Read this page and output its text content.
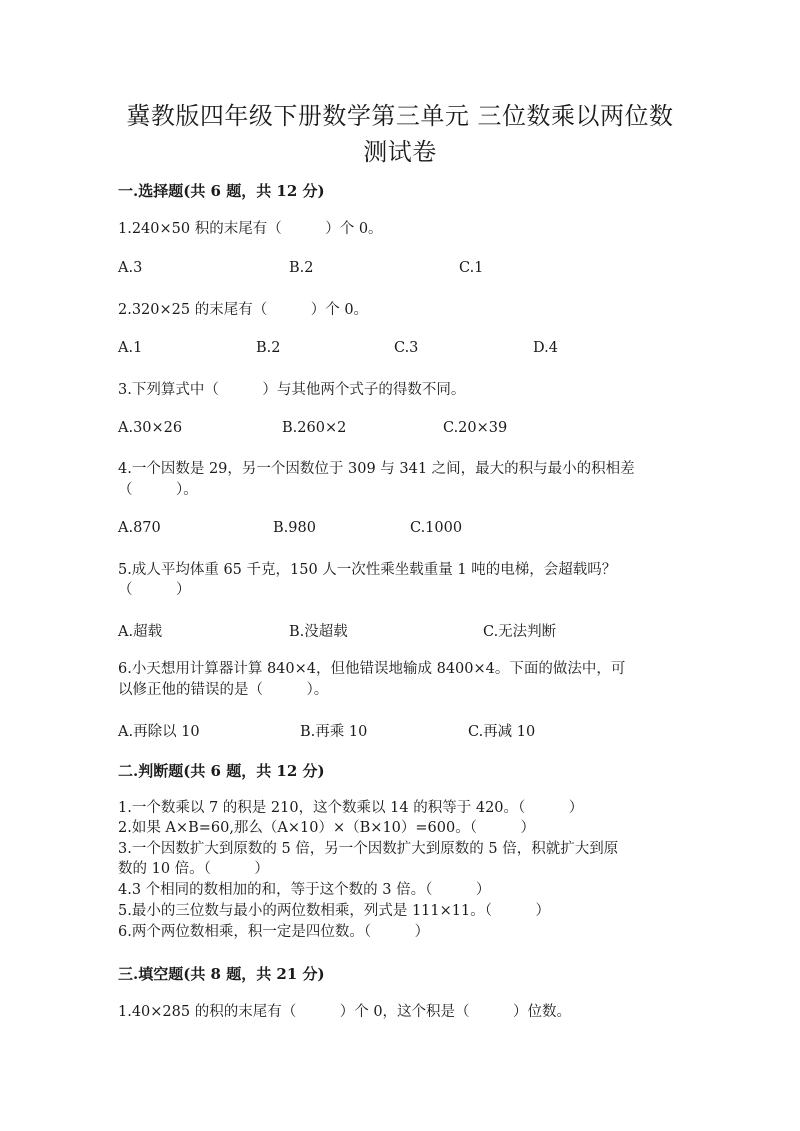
冀教版四年级下册数学第三单元 三位数乘以两位数
测试卷
一.选择题(共 6 题，共 12 分)
1.240×50 积的末尾有（　　　）个 0。
A.3	B.2	C.1
2.320×25 的末尾有（　　　）个 0。
A.1	B.2	C.3	D.4
3.下列算式中（　　　）与其他两个式子的得数不同。
A.30×26	B.260×2	C.20×39
4.一个因数是 29，另一个因数位于 309 与 341 之间，最大的积与最小的积相差
（　　　）。
A.870	B.980	C.1000
5.成人平均体重 65 千克，150 人一次性乘坐载重量 1 吨的电梯，会超载吗？
（　　　）
A.超载	B.没超载	C.无法判断
6.小天想用计算器计算 840×4，但他错误地输成 8400×4。下面的做法中，可
以修正他的错误的是（　　　）。
A.再除以 10	B.再乘 10	C.再减 10
二.判断题(共 6 题，共 12 分)
1.一个数乘以 7 的积是 210，这个数乘以 14 的积等于 420。（　　　）
2.如果 A×B=60,那么（A×10）×（B×10）=600。（　　　）
3.一个因数扩大到原数的 5 倍，另一个因数扩大到原数的 5 倍，积就扩大到原
数的 10 倍。（　　　）
4.3 个相同的数相加的和，等于这个数的 3 倍。（　　　）
5.最小的三位数与最小的两位数相乘，列式是 111×11。（　　　）
6.两个两位数相乘，积一定是四位数。（　　　）
三.填空题(共 8 题，共 21 分)
1.40×285 的积的末尾有（　　　）个 0，这个积是（　　　）位数。
